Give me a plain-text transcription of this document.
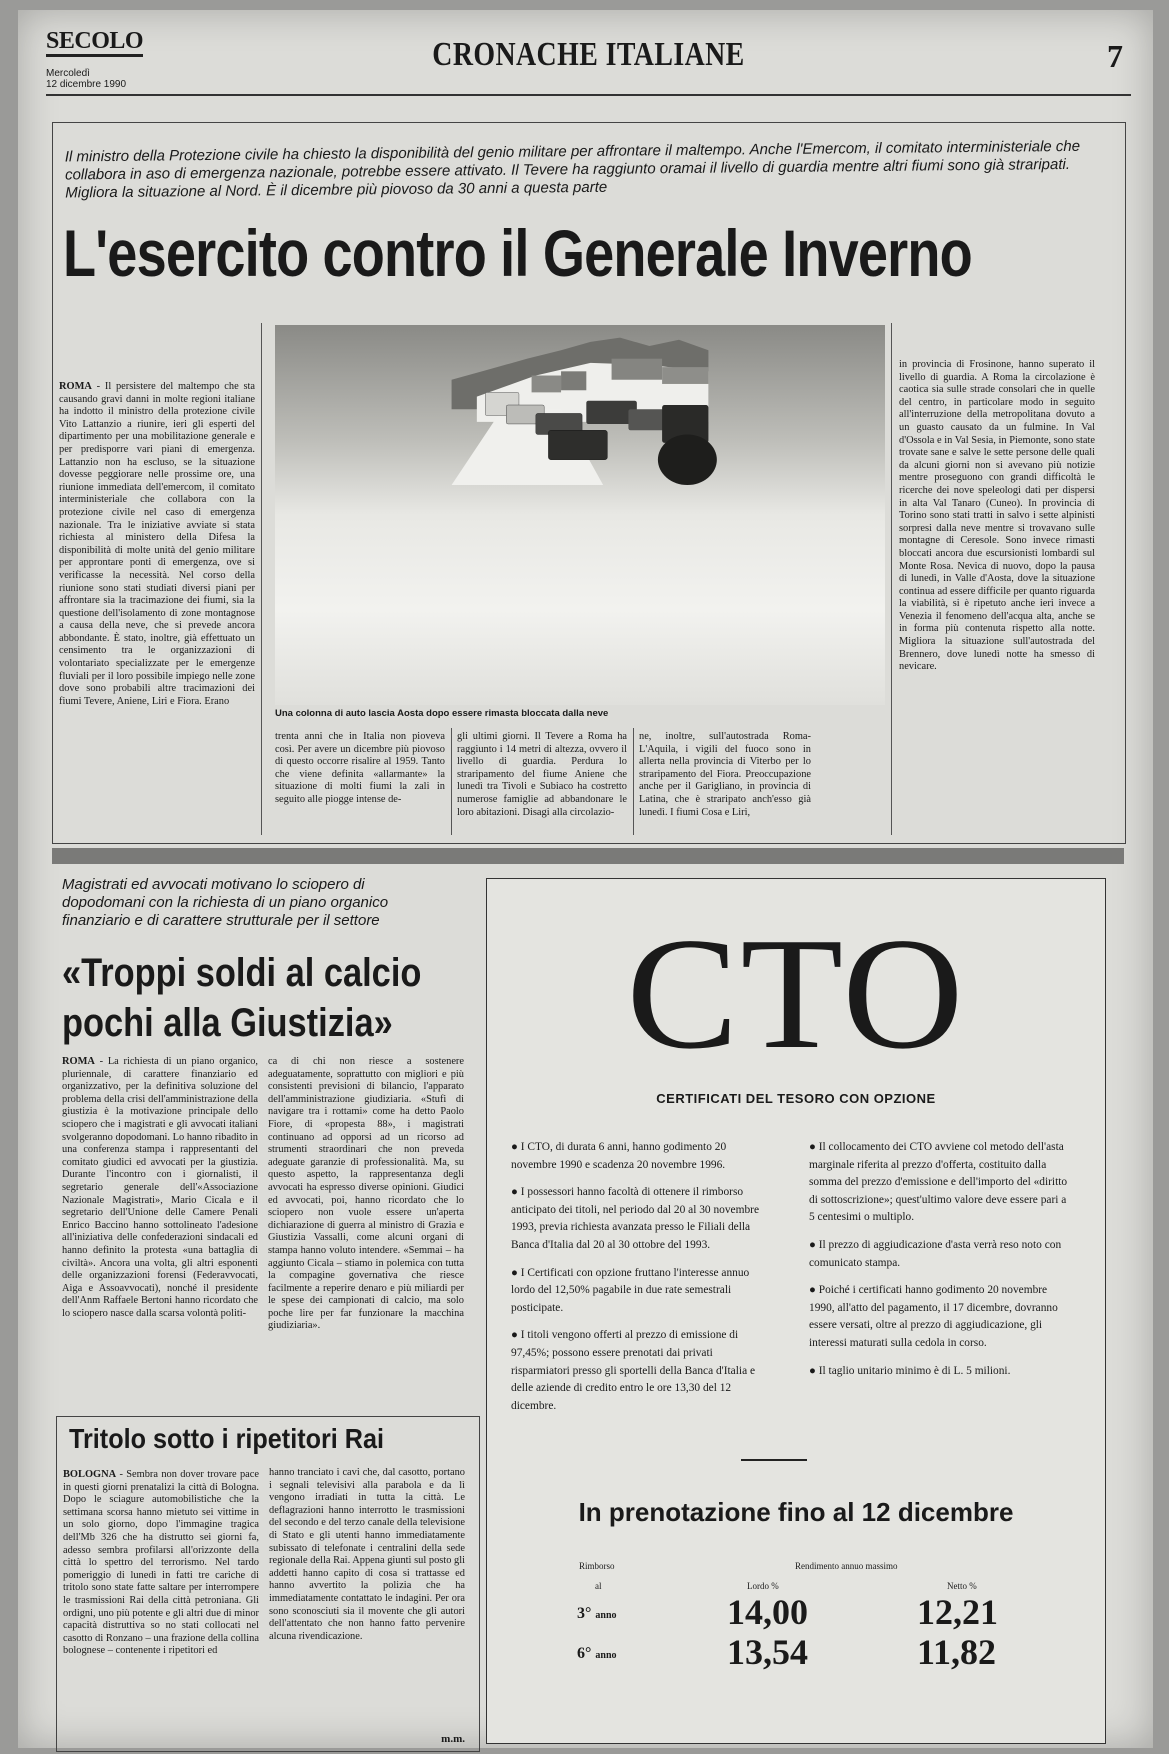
SECOLO
Mercoledì
12 dicembre 1990
CRONACHE ITALIANE	7
Il ministro della Protezione civile ha chiesto la disponibilità del genio militare per affrontare il maltempo. Anche l'Emercom, il comitato interministeriale che collabora in aso di emergenza nazionale, potrebbe essere attivato. Il Tevere ha raggiunto oramai il livello di guardia mentre altri fiumi sono già straripati. Migliora la situazione al Nord. È il dicembre più piovoso da 30 anni a questa parte
L'esercito contro il Generale Inverno
ROMA - Il persistere del maltempo che sta causando gravi danni in molte regioni italiane ha indotto il ministro della protezione civile Vito Lattanzio a riunire, ieri gli esperti del dipartimento per una mobilitazione generale e per predisporre vari piani di emergenza. Lattanzio non ha escluso, se la situazione dovesse peggiorare nelle prossime ore, una riunione immediata dell'emercom, il comitato interministeriale che collabora con la protezione civile nel caso di emergenza nazionale. Tra le iniziative avviate si stata richiesta al ministero della Difesa la disponibilità di molte unità del genio militare per approntare ponti di emergenza, ove si verificasse la necessità. Nel corso della riunione sono stati studiati diversi piani per affrontare sia la tracimazione dei fiumi, sia la questione dell'isolamento di zone montagnose a causa della neve, che si prevede ancora abbondante. È stato, inoltre, già effettuato un censimento tra le organizzazioni di volontariato specializzate per le emergenze fluviali per il loro possibile impiego nelle zone dove sono probabili altre tracimazioni dei fiumi Tevere, Aniene, Liri e Fiora. Erano
Una colonna di auto lascia Aosta dopo essere rimasta bloccata dalla neve
trenta anni che in Italia non pioveva così. Per avere un dicembre più piovoso di questo occorre risalire al 1959. Tanto che viene definita «allarmante» la situazione di molti fiumi la zali in seguito alle piogge intense de-
gli ultimi giorni. Il Tevere a Roma ha raggiunto i 14 metri di altezza, ovvero il livello di guardia. Perdura lo straripamento del fiume Aniene che lunedì tra Tivoli e Subiaco ha costretto numerose famiglie ad abbandonare le loro abitazioni. Disagi alla circolazio-
ne, inoltre, sull'autostrada Roma-L'Aquila, i vigili del fuoco sono in allerta nella provincia di Viterbo per lo straripamento del Fiora. Preoccupazione anche per il Garigliano, in provincia di Latina, che è straripato anch'esso già lunedì. I fiumi Cosa e Liri,
in provincia di Frosinone, hanno superato il livello di guardia. A Roma la circolazione è caotica sia sulle strade consolari che in quelle del centro, in particolare modo in seguito all'interruzione della metropolitana dovuto a un guasto causato da un fulmine. In Val d'Ossola e in Val Sesia, in Piemonte, sono state trovate sane e salve le sette persone delle quali da alcuni giorni non si avevano più notizie mentre proseguono con grandi difficoltà le ricerche dei nove speleologi dati per dispersi in alta Val Tanaro (Cuneo). In provincia di Torino sono stati tratti in salvo i sette alpinisti sorpresi dalla neve mentre si trovavano sulle montagne di Ceresole. Sono invece rimasti bloccati ancora due escursionisti lombardi sul Monte Rosa. Nevica di nuovo, dopo la pausa di lunedì, in Valle d'Aosta, dove la situazione continua ad essere difficile per quanto riguarda la viabilità, si è ripetuto anche ieri invece a Venezia il fenomeno dell'acqua alta, anche se in forma più contenuta rispetto alla notte. Migliora la situazione sull'autostrada del Brennero, dove lunedì notte ha smesso di nevicare.
Magistrati ed avvocati motivano lo sciopero di dopodomani con la richiesta di un piano organico finanziario e di carattere strutturale per il settore
«Troppi soldi al calcio pochi alla Giustizia»
ROMA - La richiesta di un piano organico, pluriennale, di carattere finanziario ed organizzativo, per la definitiva soluzione del problema della crisi dell'amministrazione della giustizia è la motivazione principale dello sciopero che i magistrati e gli avvocati italiani svolgeranno dopodomani. Lo hanno ribadito in una conferenza stampa i rappresentanti del comitato giudici ed avvocati per la giustizia. Durante l'incontro con i giornalisti, il segretario generale dell'«Associazione Nazionale Magistrati», Mario Cicala e il segretario dell'Unione delle Camere Penali Enrico Baccino hanno sottolineato l'adesione all'iniziativa delle confederazioni sindacali ed hanno definito la protesta «una battaglia di civiltà». Ancora una volta, gli altri esponenti delle organizzazioni forensi (Federavvocati, Aiga e Assoavvocati), nonché il presidente dell'Anm Raffaele Bertoni hanno ricordato che lo sciopero nasce dalla scarsa volontà politi-
ca di chi non riesce a sostenere adeguatamente, soprattutto con migliori e più consistenti previsioni di bilancio, l'apparato dell'amministrazione giudiziaria. «Stufi di navigare tra i rottami» come ha detto Paolo Fiore, di «propesta 88», i magistrati continuano ad opporsi ad un ricorso ad strumenti straordinari che non preveda adeguate garanzie di professionalità. Ma, su questo aspetto, la rappresentanza degli avvocati ha espresso diverse opinioni. Giudici ed avvocati, poi, hanno ricordato che lo sciopero non vuole essere un'aperta dichiarazione di guerra al ministro di Grazia e Giustizia Vassalli, come alcuni organi di stampa hanno voluto intendere. «Semmai – ha aggiunto Cicala – stiamo in polemica con tutta la compagine governativa che riesce facilmente a reperire denaro e più miliardi per le spese dei campionati di calcio, ma solo poche lire per far funzionare la macchina giudiziaria».
Tritolo sotto i ripetitori Rai
BOLOGNA - Sembra non dover trovare pace in questi giorni prenatalizi la città di Bologna. Dopo le sciagure automobilistiche che la settimana scorsa hanno mietuto sei vittime in un solo giorno, dopo l'immagine tragica dell'Mb 326 che ha distrutto sei giorni fa, adesso sembra profilarsi all'orizzonte della città lo spettro del terrorismo. Nel tardo pomeriggio di lunedì in fatti tre cariche di tritolo sono state fatte saltare per interrompere le trasmissioni Rai della città petroniana. Gli ordigni, uno più potente e gli altri due di minor capacità distruttiva so no stati collocati nel casotto di Ronzano – una frazione della collina bolognese – contenente i ripetitori ed
hanno tranciato i cavi che, dal casotto, portano i segnali televisivi alla parabola e da lì vengono irradiati in tutta la città. Le deflagrazioni hanno interrotto le trasmissioni del secondo e del terzo canale della televisione di Stato e gli utenti hanno immediatamente subissato di telefonate i centralini della sede regionale della Rai. Appena giunti sul posto gli addetti hanno capito di cosa si trattasse ed hanno avvertito la polizia che ha immediatamente contattato le indagini. Per ora sono sconosciuti sia il movente che gli autori dell'attentato che non hanno fatto pervenire alcuna rivendicazione.
m.m.
CTO
CERTIFICATI DEL TESORO CON OPZIONE

● I CTO, di durata 6 anni, hanno godimento 20 novembre 1990 e scadenza 20 novembre 1996.

● I possessori hanno facoltà di ottenere il rimborso anticipato dei titoli, nel periodo dal 20 al 30 novembre 1993, previa richiesta avanzata presso le Filiali della Banca d'Italia dal 20 al 30 ottobre del 1993.

● I Certificati con opzione fruttano l'interesse annuo lordo del 12,50% pagabile in due rate semestrali posticipate.

● I titoli vengono offerti al prezzo di emissione di 97,45%; possono essere prenotati dai privati risparmiatori presso gli sportelli della Banca d'Italia e delle aziende di credito entro le ore 13,30 del 12 dicembre.

● Il collocamento dei CTO avviene col metodo dell'asta marginale riferita al prezzo d'offerta, costituito dalla somma del prezzo d'emissione e dell'importo del «diritto di sottoscrizione»; quest'ultimo valore deve essere pari a 5 centesimi o multiplo.

● Il prezzo di aggiudicazione d'asta verrà reso noto con comunicato stampa.

● Poiché i certificati hanno godimento 20 novembre 1990, all'atto del pagamento, il 17 dicembre, dovranno essere versati, oltre al prezzo di aggiudicazione, gli interessi maturati sulla cedola in corso.

● Il taglio unitario minimo è di L. 5 milioni.

In prenotazione fino al 12 dicembre
Rimborso
al
Rendimento annuo massimo
Lordo %	Netto %
3° anno	14,00	12,21
6° anno	13,54	11,82
